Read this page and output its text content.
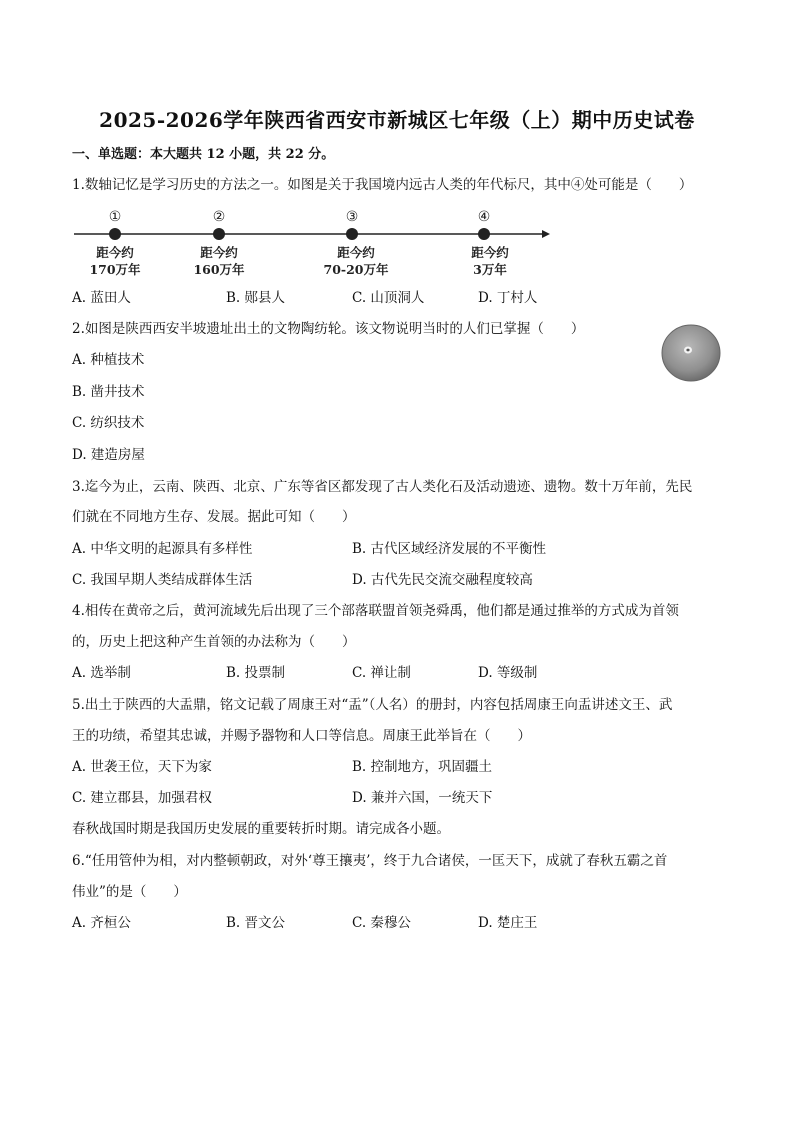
2025-2026学年陕西省西安市新城区七年级（上）期中历史试卷
一、单选题：本大题共 12 小题，共 22 分。
1.数轴记忆是学习历史的方法之一。如图是关于我国境内远古人类的年代标尺，其中④处可能是（　　）
①
距今约
170万年
②
距今约
160万年
③
距今约
70-20万年
④
距今约
3万年
A. 蓝田人	B. 郧县人	C. 山顶洞人	D. 丁村人
2.如图是陕西西安半坡遗址出土的文物陶纺轮。该文物说明当时的人们已掌握（　　）
A. 种植技术
B. 凿井技术
C. 纺织技术
D. 建造房屋
3.迄今为止，云南、陕西、北京、广东等省区都发现了古人类化石及活动遗迹、遗物。数十万年前，先民
们就在不同地方生存、发展。据此可知（　　）
A. 中华文明的起源具有多样性	B. 古代区域经济发展的不平衡性
C. 我国早期人类结成群体生活	D. 古代先民交流交融程度较高
4.相传在黄帝之后，黄河流域先后出现了三个部落联盟首领尧舜禹，他们都是通过推举的方式成为首领
的，历史上把这种产生首领的办法称为（　　）
A. 选举制	B. 投票制	C. 禅让制	D. 等级制
5.出土于陕西的大盂鼎，铭文记载了周康王对“盂”（人名）的册封，内容包括周康王向盂讲述文王、武
王的功绩，希望其忠诚，并赐予器物和人口等信息。周康王此举旨在（　　）
A. 世袭王位，天下为家	B. 控制地方，巩固疆土
C. 建立郡县，加强君权	D. 兼并六国，一统天下
春秋战国时期是我国历史发展的重要转折时期。请完成各小题。
6.“任用管仲为相，对内整顿朝政，对外‘尊王攘夷’，终于九合诸侯，一匡天下，成就了春秋五霸之首
伟业”的是（　　）
A. 齐桓公	B. 晋文公	C. 秦穆公	D. 楚庄王
